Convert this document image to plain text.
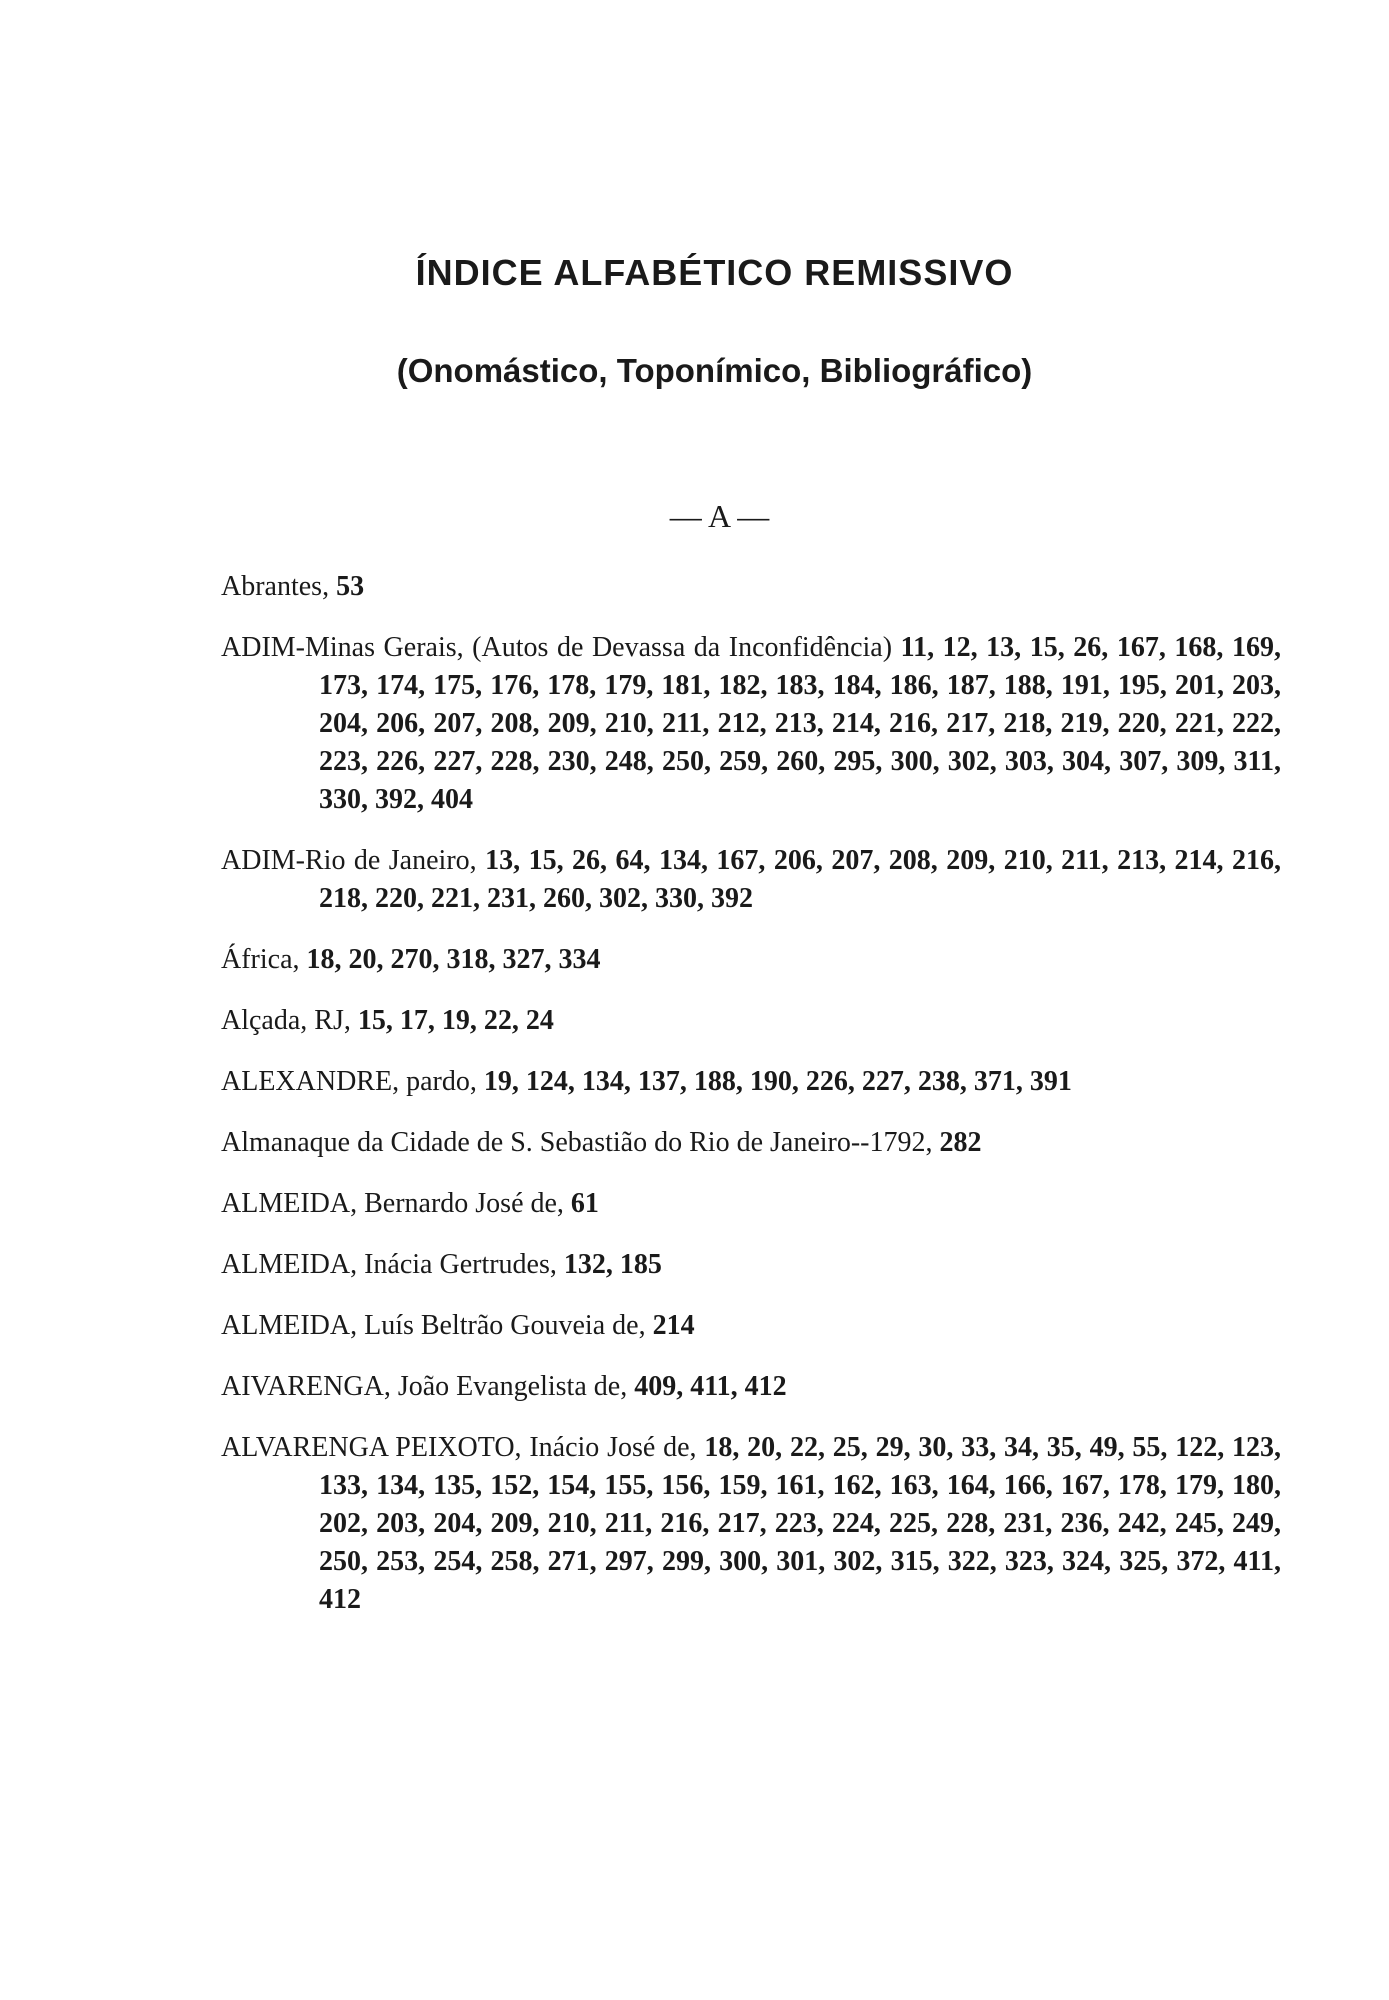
ÍNDICE ALFABÉTICO REMISSIVO
(Onomástico, Toponímico, Bibliográfico)
— A —
Abrantes, 53
ADIM-Minas Gerais, (Autos de Devassa da Inconfidência) 11, 12, 13, 15, 26, 167, 168, 169, 173, 174, 175, 176, 178, 179, 181, 182, 183, 184, 186, 187, 188, 191, 195, 201, 203, 204, 206, 207, 208, 209, 210, 211, 212, 213, 214, 216, 217, 218, 219, 220, 221, 222, 223, 226, 227, 228, 230, 248, 250, 259, 260, 295, 300, 302, 303, 304, 307, 309, 311, 330, 392, 404
ADIM-Rio de Janeiro, 13, 15, 26, 64, 134, 167, 206, 207, 208, 209, 210, 211, 213, 214, 216, 218, 220, 221, 231, 260, 302, 330, 392
África, 18, 20, 270, 318, 327, 334
Alçada, RJ, 15, 17, 19, 22, 24
ALEXANDRE, pardo, 19, 124, 134, 137, 188, 190, 226, 227, 238, 371, 391
Almanaque da Cidade de S. Sebastião do Rio de Janeiro--1792, 282
ALMEIDA, Bernardo José de, 61
ALMEIDA, Inácia Gertrudes, 132, 185
ALMEIDA, Luís Beltrão Gouveia de, 214
AIVARENGA, João Evangelista de, 409, 411, 412
ALVARENGA PEIXOTO, Inácio José de, 18, 20, 22, 25, 29, 30, 33, 34, 35, 49, 55, 122, 123, 133, 134, 135, 152, 154, 155, 156, 159, 161, 162, 163, 164, 166, 167, 178, 179, 180, 202, 203, 204, 209, 210, 211, 216, 217, 223, 224, 225, 228, 231, 236, 242, 245, 249, 250, 253, 254, 258, 271, 297, 299, 300, 301, 302, 315, 322, 323, 324, 325, 372, 411, 412
